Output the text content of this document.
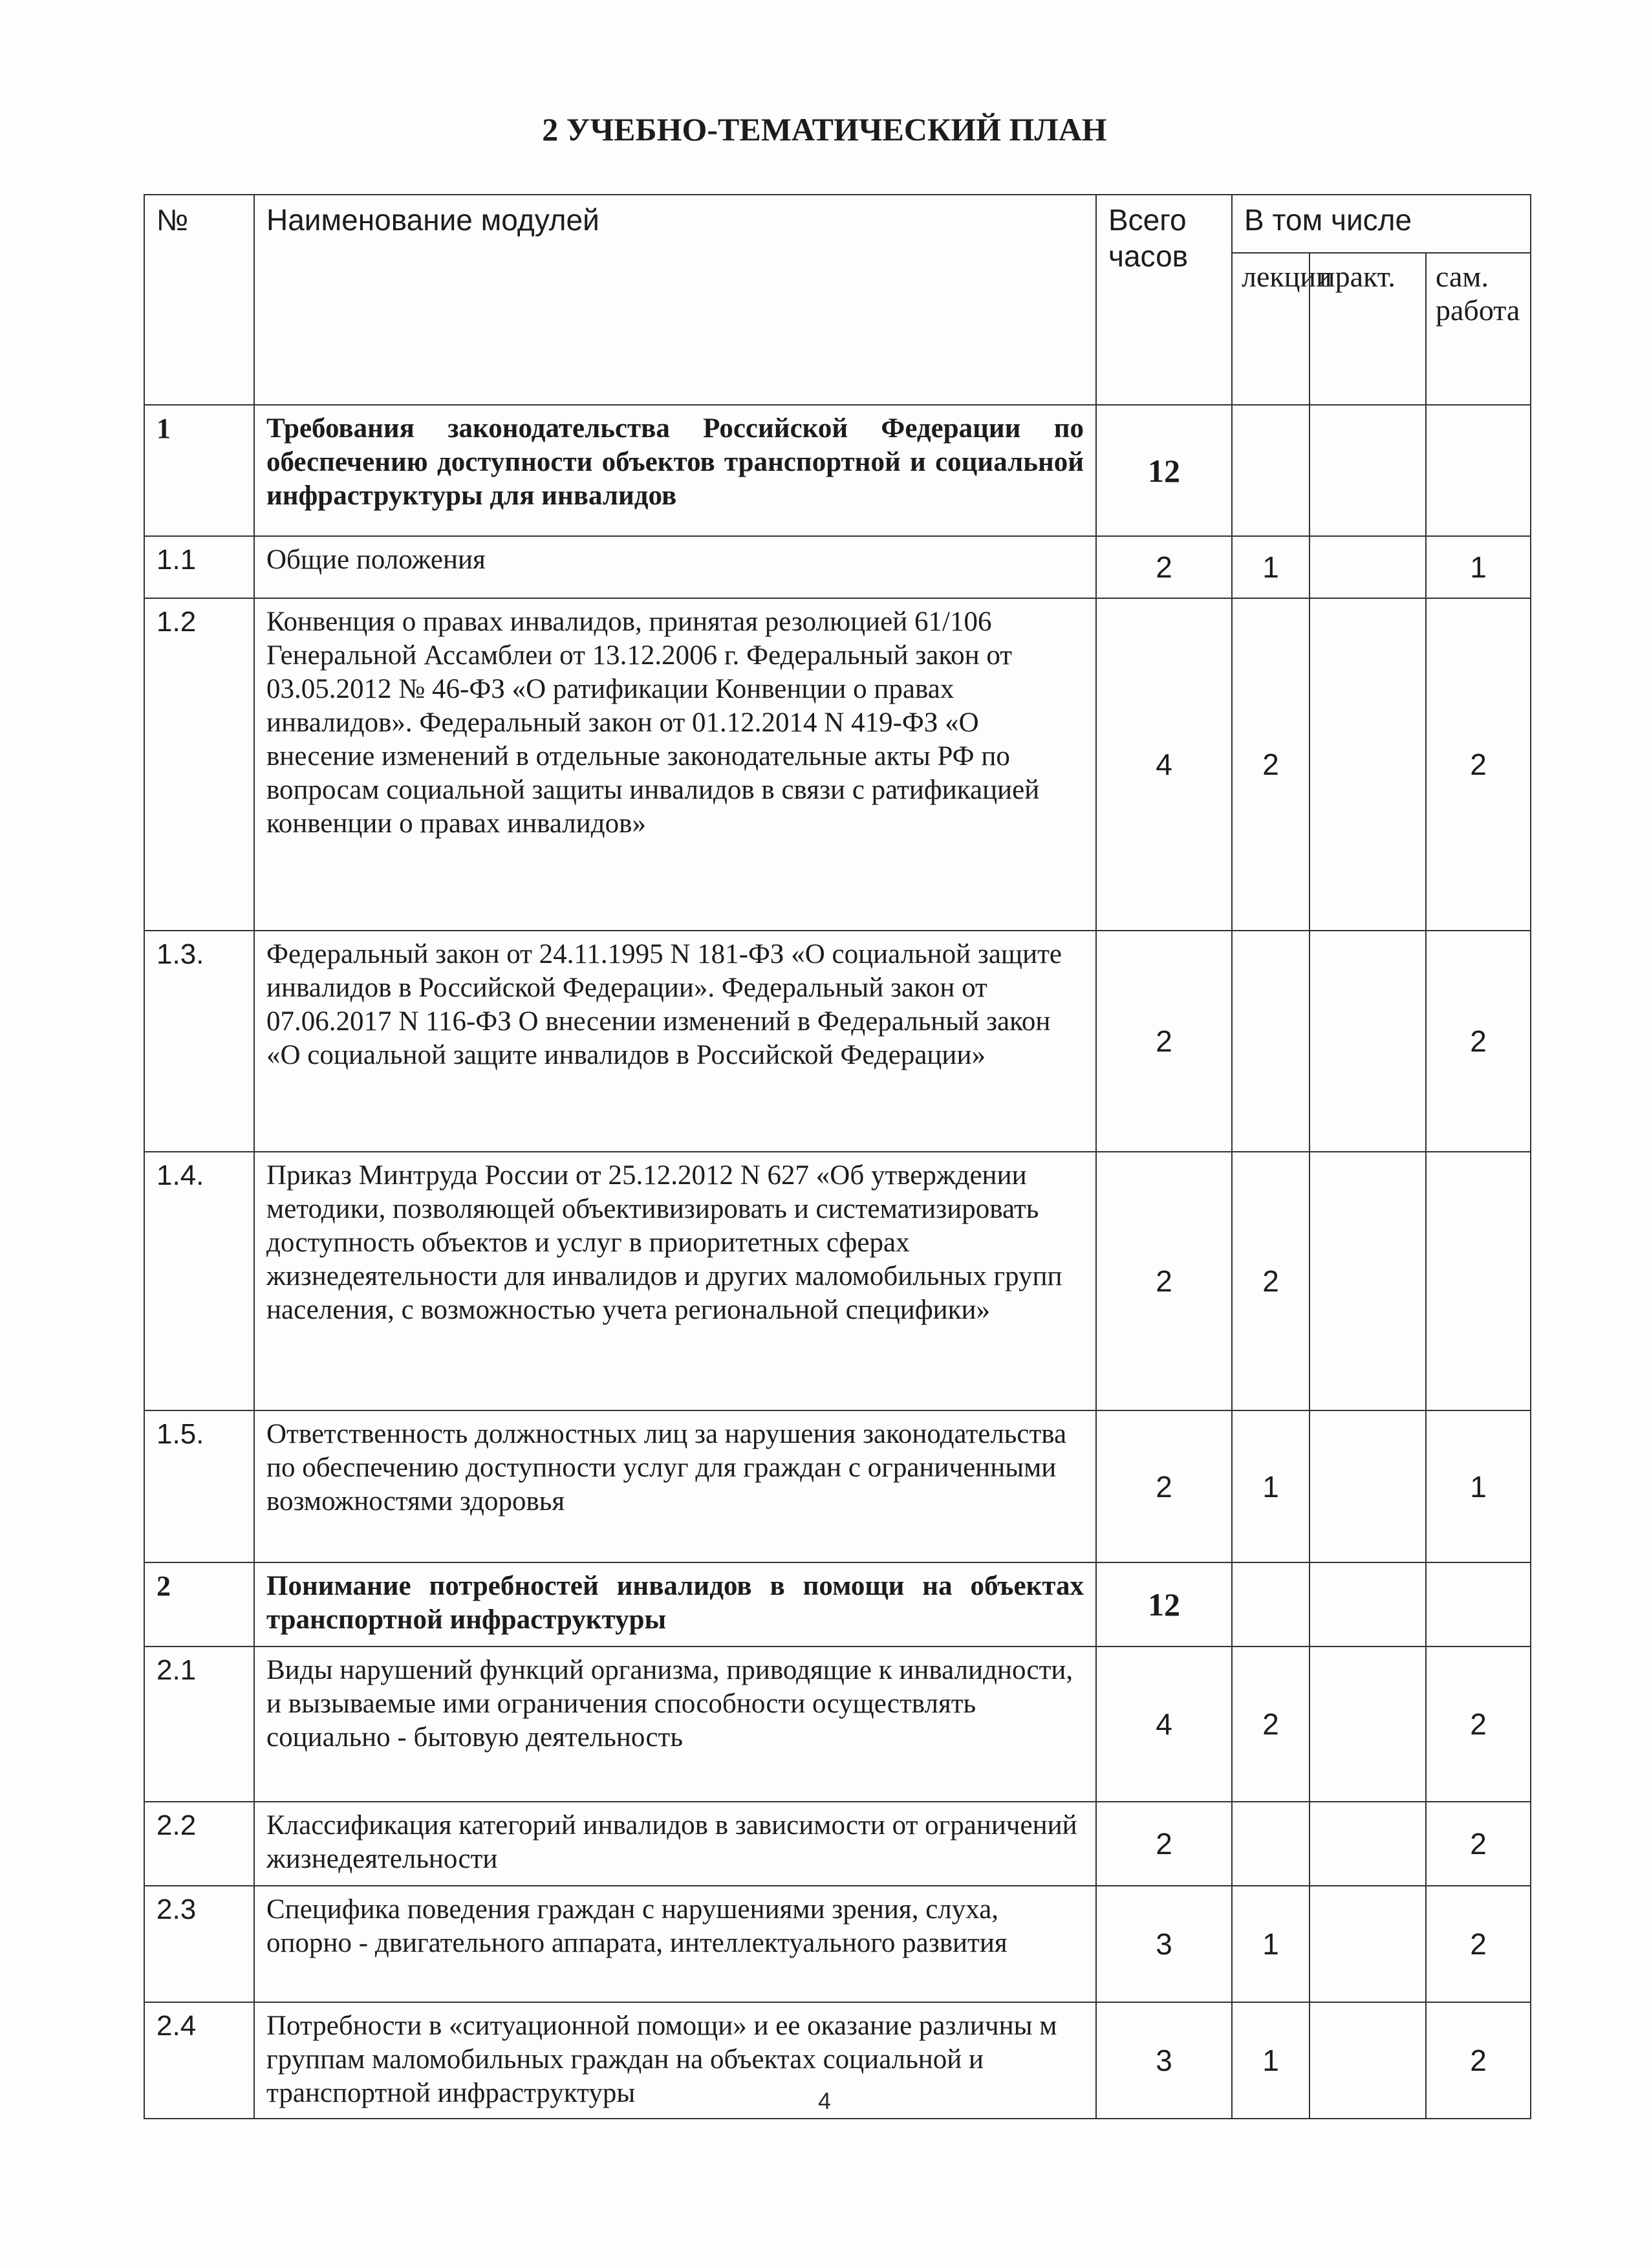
2 УЧЕБНО-ТЕМАТИЧЕСКИЙ ПЛАН
№	Наименование модулей	Всего часов	В том числе		
			лекции	практ.	сам. работа
1	Требования законодательства Российской Федерации по обеспечению доступности объектов транспортной и социальной инфраструктуры для инвалидов	12			
1.1	Общие положения	2	1		1
1.2	Конвенция о правах инвалидов, принятая резолюцией 61/106 Генеральной Ассамблеи от 13.12.2006 г. Федеральный закон от 03.05.2012 № 46-ФЗ «О ратификации Конвенции о правах инвалидов». Федеральный закон от 01.12.2014 N 419-ФЗ «О внесение изменений в отдельные законодательные акты РФ по вопросам социальной защиты инвалидов в связи с ратификацией конвенции о правах инвалидов»	4	2		2
1.3.	Федеральный закон от 24.11.1995 N 181-ФЗ «О социальной защите инвалидов в Российской Федерации». Федеральный закон от 07.06.2017 N 116-ФЗ О внесении изменений в Федеральный закон «О социальной защите инвалидов в Российской Федерации»	2			2
1.4.	Приказ Минтруда России от 25.12.2012 N 627 «Об утверждении методики, позволяющей объективизировать и систематизировать доступность объектов и услуг в приоритетных сферах жизнедеятельности для инвалидов и других маломобильных групп населения, с возможностью учета региональной специфики»	2	2		
1.5.	Ответственность должностных лиц за нарушения законодательства по обеспечению доступности услуг для граждан с ограниченными возможностями здоровья	2	1		1
2	Понимание потребностей инвалидов в помощи на объектах транспортной инфраструктуры	12			
2.1	Виды нарушений функций организма, приводящие к инвалидности, и вызываемые ими ограничения способности осуществлять социально - бытовую деятельность	4	2		2
2.2	Классификация категорий инвалидов в зависимости от ограничений жизнедеятельности	2			2
2.3	Специфика поведения граждан с нарушениями зрения, слуха, опорно - двигательного аппарата, интеллектуального развития	3	1		2
2.4	Потребности в «ситуационной помощи» и ее оказание различны м группам маломобильных граждан на объектах социальной и транспортной инфраструктуры	3	1		2
4
